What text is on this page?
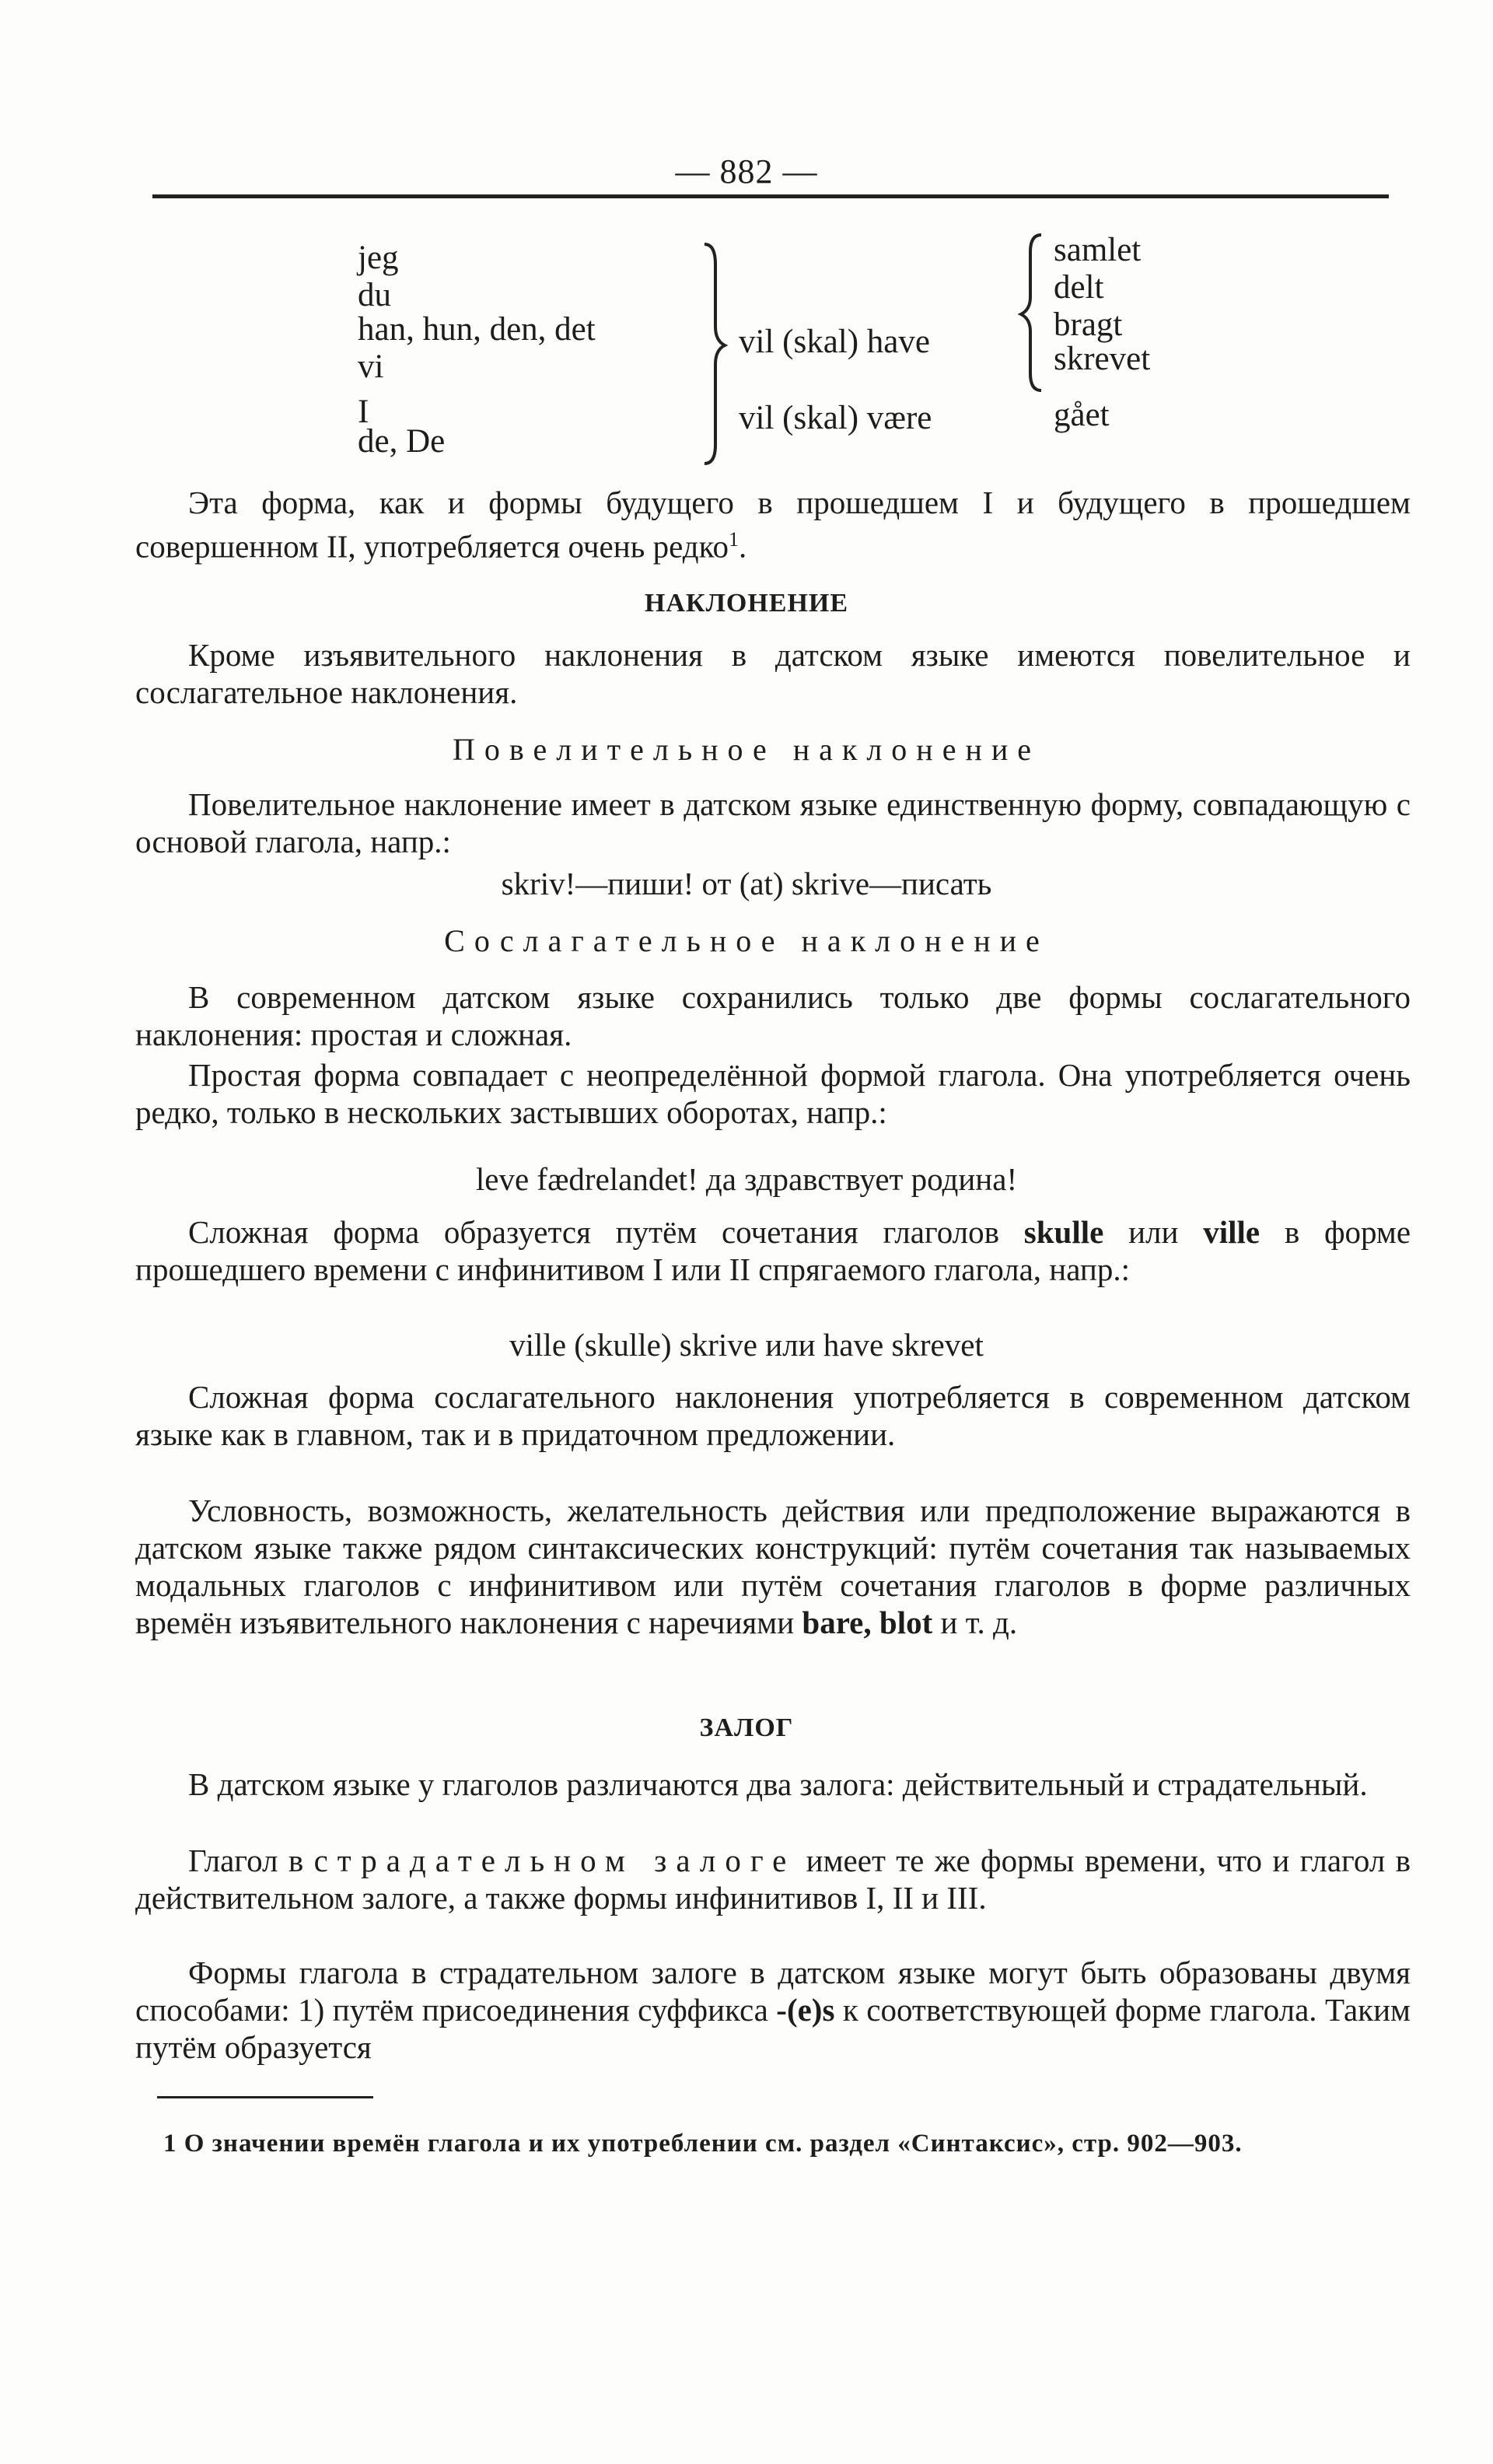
— 882 —
jeg
du
han, hun, den, det
vi
I
de, De
vil (skal) have
vil (skal) være
samlet
delt
bragt
skrevet
gået

Эта форма, как и формы будущего в прошедшем I и будущего в прошедшем совершенном II, употребляется очень редко$^1$.

НАКЛОНЕНИЕ

Кроме изъявительного наклонения в датском языке имеются повелительное и сослагательное наклонения.

Повелительное наклонение

Повелительное наклонение имеет в датском языке единственную форму, совпадающую с основой глагола, напр.:

skriv!—пиши! от (at) skrive—писать
Сослагательное наклонение

В современном датском языке сохранились только две формы сослагательного наклонения: простая и сложная.

Простая форма совпадает с неопределённой формой глагола. Она употребляется очень редко, только в нескольких застывших оборотах, напр.:

leve fædrelandet! да здравствует родина!

Сложная форма образуется путём сочетания глаголов skulle или ville в форме прошедшего времени с инфинитивом I или II спрягаемого глагола, напр.:

ville (skulle) skrive или have skrevet

Сложная форма сослагательного наклонения употребляется в современном датском языке как в главном, так и в придаточном предложении.

Условность, возможность, желательность действия или предположение выражаются в датском языке также рядом синтаксических конструкций: путём сочетания так называемых модальных глаголов с инфинитивом или путём сочетания глаголов в форме различных времён изъявительного наклонения с наречиями bare, blot и т. д.

ЗАЛОГ

В датском языке у глаголов различаются два залога: действительный и страдательный.

Глагол в страдательном залоге имеет те же формы времени, что и глагол в действительном залоге, а также формы инфинитивов I, II и III.

Формы глагола в страдательном залоге в датском языке могут быть образованы двумя способами: 1) путём присоединения суффикса -(e)s к соответствующей форме глагола. Таким путём образуется

1 О значении времён глагола и их употреблении см. раздел «Синтаксис», стр. 902—903.
